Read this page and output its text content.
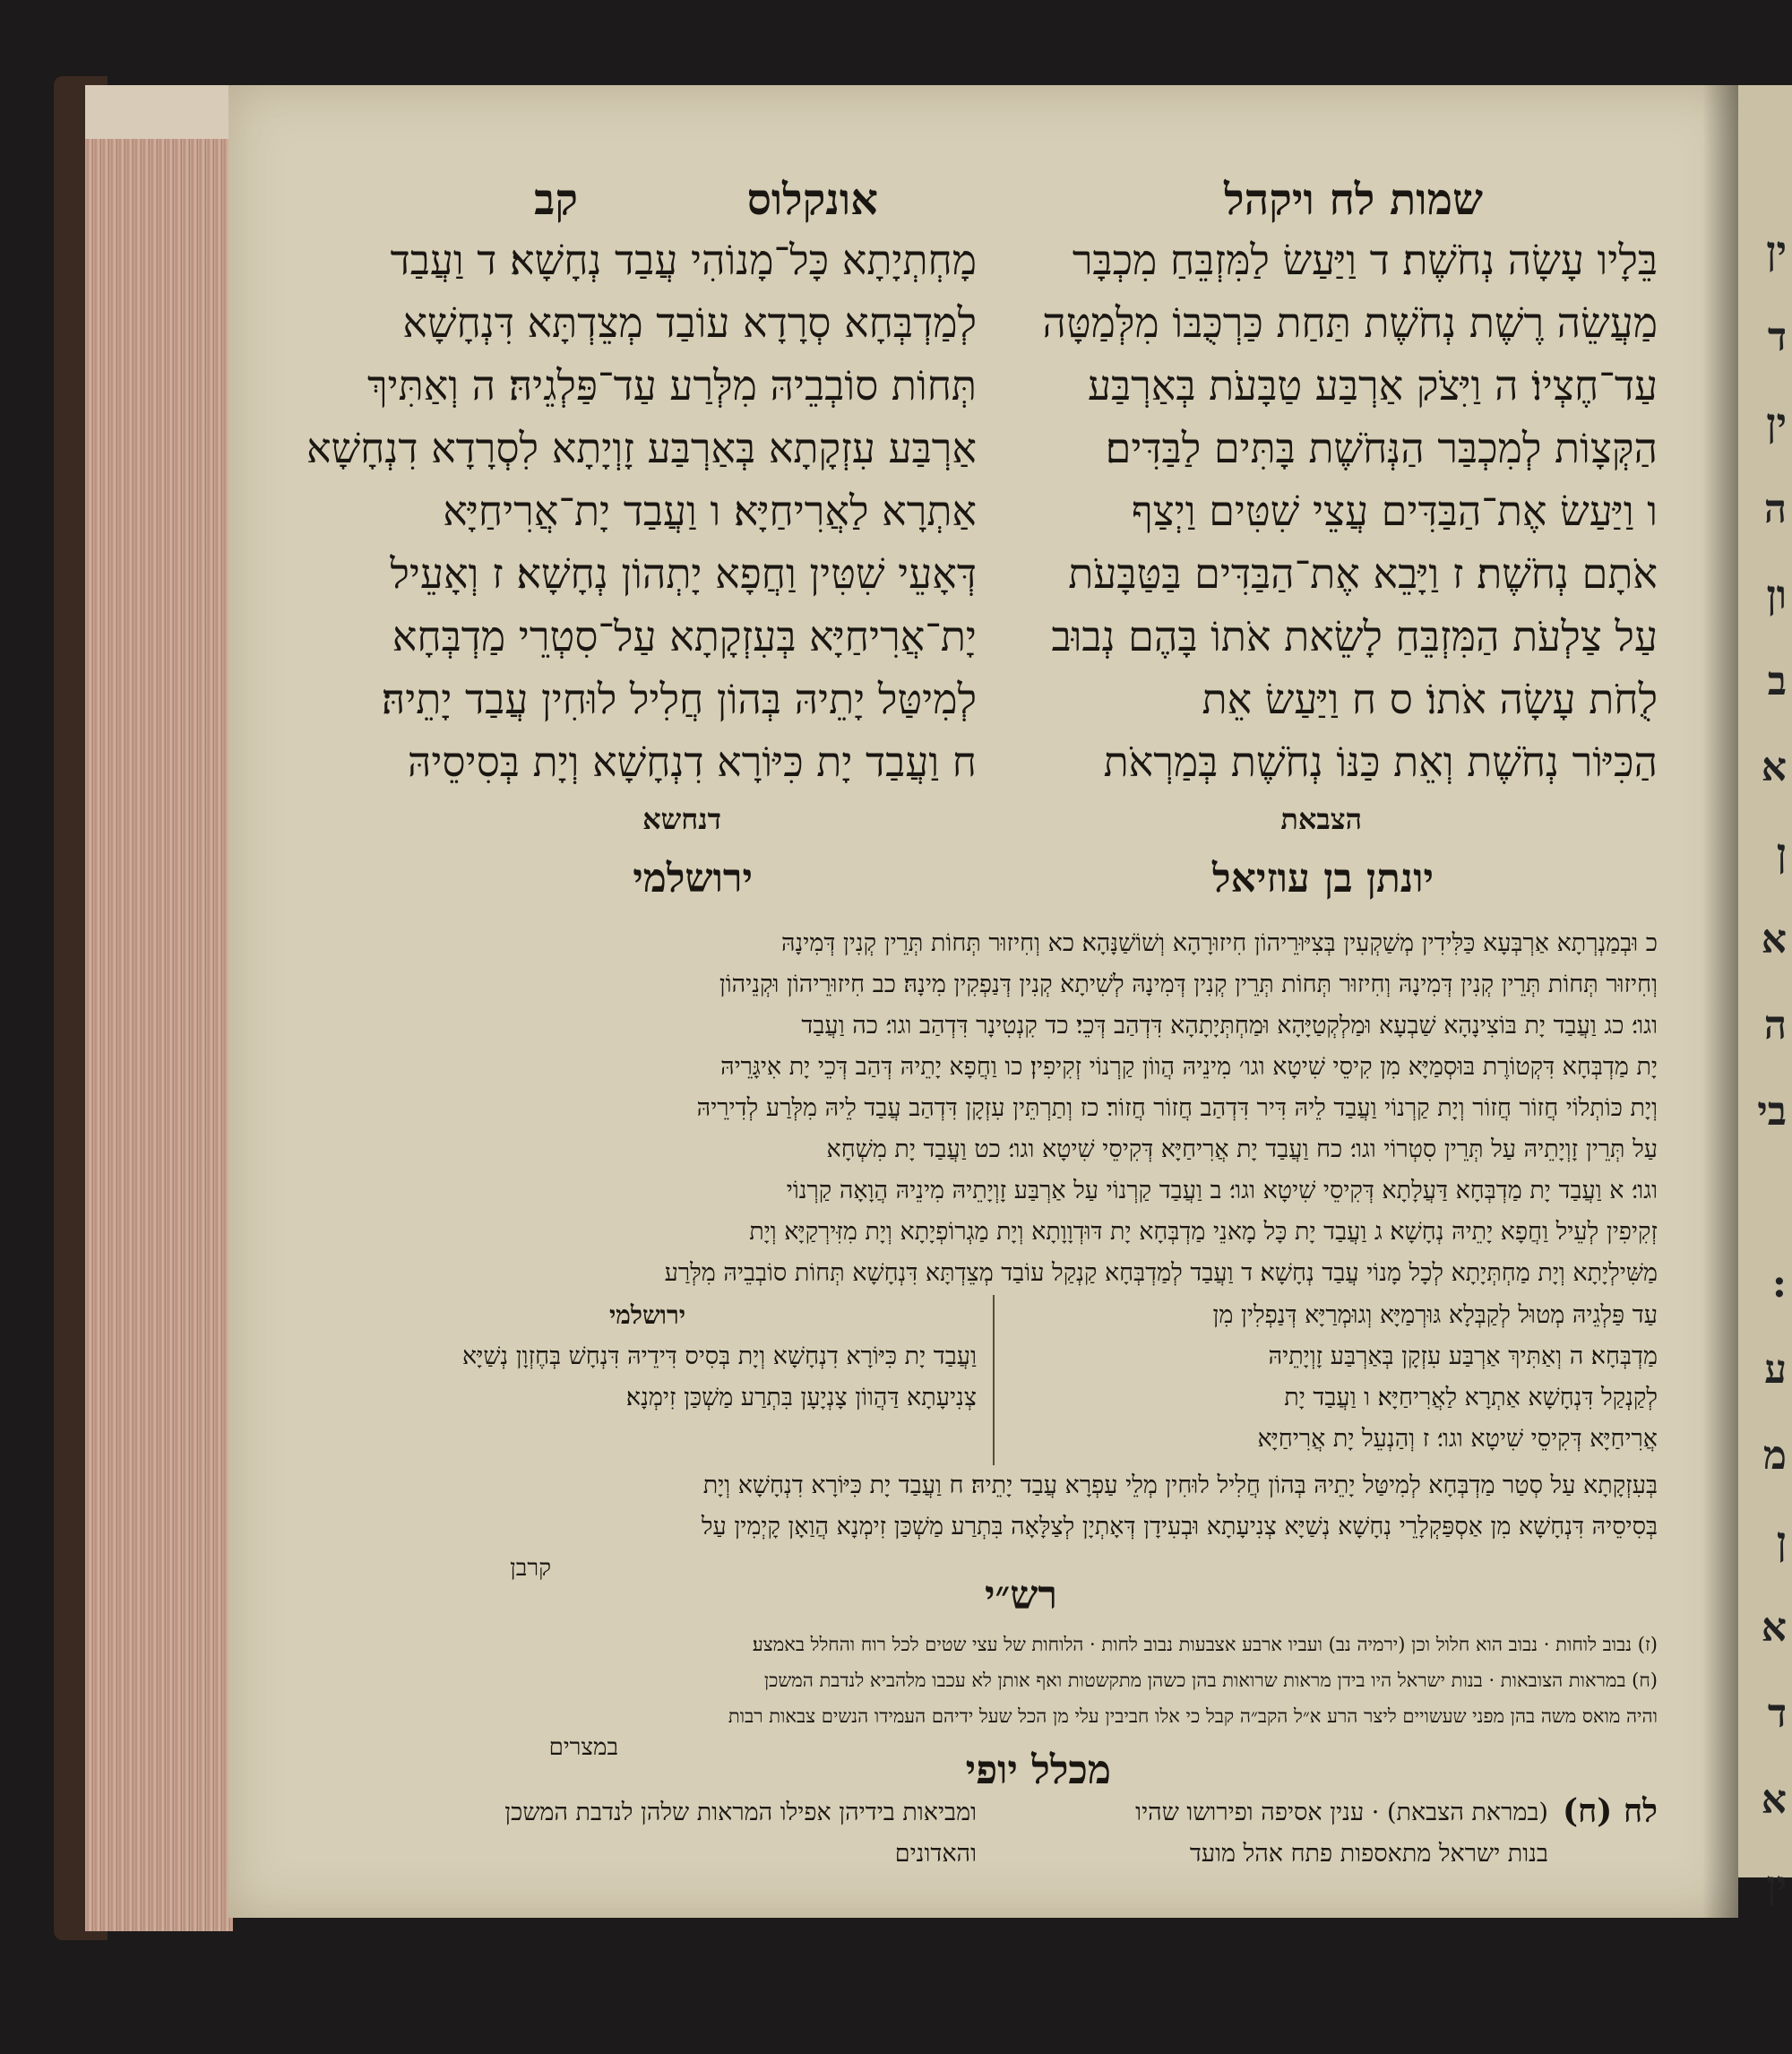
שמות לח ויקהל
אונקלוס
קב
בֵּלָיו עָשָׂה נְחֹשֶׁת׃ ד וַיַּעַשׂ לַמִּזְבֵּחַ מִכְבָּר
מַעֲשֵׂה רֶשֶׁת נְחֹשֶׁת תַּחַת כַּרְכֻּבּוֹ מִלְּמַטָּה
עַד־חֶצְיוֹ׃ ה וַיִּצֹק אַרְבַּע טַבָּעֹת בְּאַרְבַּע
הַקְּצָוֹת לְמִכְבַּר הַנְּחֹשֶׁת בָּתִּים לַבַּדִּים׃
ו וַיַּעַשׂ אֶת־הַבַּדִּים עֲצֵי שִׁטִּים וַיְצַף
אֹתָם נְחֹשֶׁת׃ ז וַיָּבֵא אֶת־הַבַּדִּים בַּטַּבָּעֹת
עַל צַלְעֹת הַמִּזְבֵּחַ לָשֵׂאת אֹתוֹ בָּהֶם נְבוּב
לֻחֹת עָשָׂה אֹתוֹ׃ ס ח וַיַּעַשׂ אֵת
הַכִּיּוֹר נְחֹשֶׁת וְאֵת כַּנּוֹ נְחֹשֶׁת בְּמַרְאֹת
הצבאת
מָחְתְיָתָא כָּל־מָנוֹהִי עֲבַד נְחָשָׁא׃ ד וַעֲבַד
לְמַדְבְּחָא סְרָדָא עוֹבַד מְצֵדְתָּא דִּנְחָשָׁא
תְּחוֹת סוֹבְבֵיהּ מִלְּרַע עַד־פַּלְגֵיהּ׃ ה וְאַתִּיךְ
אַרְבַּע עִזְקָתָא בְּאַרְבַּע זָוְיָתָא לִסְרָדָא דִנְחָשָׁא
אַתְרָא לַאֲרִיחַיָּא׃ ו וַעֲבַד יָת־אֲרִיחַיָּא
דְּאָעֵי שִׁטִּין וַחֲפָא יָתְהוֹן נְחָשָׁא׃ ז וְאָעֵיל
יָת־אֲרִיחַיָּא בְּעִזְקָתָא עַל־סִטְרֵי מַדְבְּחָא
לְמִיטַּל יָתֵיהּ בְּהוֹן חֲלִיל לוּחִין עֲבַד יָתֵיהּ׃
ח וַעֲבַד יָת כִּיּוֹרָא דִנְחָשָׁא וְיָת בְּסִיסֵיהּ
דנחשא
יונתן בן עוזיאל
ירושלמי
כ וּבְמַנְרְתָא אַרְבְּעָא כַּלִּידִין מְשַׁקְעִין בְּצִיּוּרֵיהוֹן חִיזוּרָהָא וְשׁוֹשַׁנָּהָא׃ כא וְחִיזוּר תְּחוֹת תְּרֵין קְנִין דְּמִינָהּ
וְחִיזוּר תְּחוֹת תְּרֵין קְנִין דְּמִינָהּ וְחִיזוּר תְּחוֹת תְּרֵין קְנִין דְּמִינָהּ לְשִׁיתָא קְנִין דְּנַפְקִין מִינָהּ׃ כב חִיזוּרֵיהוֹן וּקְנֵיהוֹן
וגו׳׃ כג וַעֲבַד יָת בּוֹצִינָהָא שַׁבְעָא וּמַלְקְטַיָּהָא וּמַחְתְּיָתָהָא דִּדְהַב דְּכֵי׃ כד קִנְטִינָר דִּדְהַב וגו׳׃ כה וַעֲבַד
יָת מַדְבְּחָא דִּקְטוֹרֶת בּוּסְמַיָּא מִן קִיסֵי שִׁיטָא וגו׳ מִינֵיהּ הֲווֹן קַרְנוֹי זְקִיפִין׃ כו וַחֲפָא יָתֵיהּ דְּהַב דְּכֵי יָת אִיגָּרֵיהּ
וְיָת כּוֹתְלוֹי חֲזוֹר חֲזוֹר וְיָת קַרְנוֹי וַעֲבַד לֵיהּ דִּיר דִּדְהַב חֲזוֹר חֲזוֹר׃ כז וְתַרְתֵּין עִזְקָן דִּדְהַב עֲבַד לֵיהּ מִלְּרַע לְדִירֵיהּ
עַל תְּרֵין זָוְיָתֵיהּ עַל תְּרֵין סִטְרוֹי וגו׳׃ כח וַעֲבַד יָת אֲרִיחַיָּא דְּקִיסֵי שִׁיטָא וגו׳׃ כט וַעֲבַד יָת מִשְׁחָא
וגו׳׃ א וַעֲבַד יָת מַדְבְּחָא דַּעֲלָתָא דְּקִיסֵי שִׁיטָא וגו׳׃ ב וַעֲבַד קַרְנוֹי עַל אַרְבַּע זָוְיָתֵיהּ מִינֵיהּ הֲוָאָה קַרְנוֹי
זְקִיפִין לְעֵיל וַחֲפָא יָתֵיהּ נְחָשָׁא׃ ג וַעֲבַד יָת כָּל מָאנֵי מַדְבְּחָא יָת דּוּדְוָוָתָא וְיָת מַגְרוֹפְיָתָא וְיָת מִזִּירְקַיָּא וְיָת
מַשִּׁילְיָתָא וְיָת מַחְתְּיָתָא לְכָל מָנוֹי עֲבַד נְחָשָׁא׃ ד וַעֲבַד לְמַדְבְּחָא קַנְקַל עוֹבַד מְצֵדְתָּא דִּנְחָשָׁא תְּחוֹת סוֹבְבֵיהּ מִלְּרַע
עַד פַּלְגֵיהּ מְטוּל לְקַבְּלָא גּוּרְמַיָּא וְגוּמְרַיָּא דְּנַפְלִין מִן
מַדְבְּחָא׃ ה וְאַתִּיךְ אַרְבַּע עִזְקָן בְּאַרְבַּע זָוְיָתֵיהּ
לְקַנְקַל דִּנְחָשָׁא אַתְרָא לַאֲרִיחַיָּא׃ ו וַעֲבַד יָת
אֲרִיחַיָּא דְּקִיסֵי שִׁיטָא וגו׳׃ ז וְהַנְעֵל יָת אֲרִיחַיָּא
ירושלמי
וַעֲבַד יָת כִּיּוֹרָא דִנְחָשָׁא וְיָת בְּסִיס דִּידֵיהּ דִּנְחָשׁ בְּחֶזְוָן נְשַׁיָּא
צְנִיעָתָא דַּהֲווֹן צָנְיָעָן בִּתְרַע מַשְׁכַּן זִימְנָא׃
בְּעִזְקָתָא עַל סְטַר מַדְבְּחָא לְמִיטַּל יָתֵיהּ בְּהוֹן חֲלִיל לוּחִין מְלֵי עַפְרָא עֲבַד יָתֵיהּ׃ ח וַעֲבַד יָת כִּיּוֹרָא דִנְחָשָׁא וְיָת
בְּסִיסֵיהּ דִּנְחָשָׁא מִן אַסְפַּקְלָרֵי נְחָשָׁא נְשַׁיָּא צְנִיעָתָא וּבְעִידָן דְּאָתְיָן לְצַלָּאָה בִּתְרַע מַשְׁכַּן זִימְנָא הֲוַאָן קָיְמִין עַל
קרבן
רש״י
(ז) נבוב לוחות · נבוב הוא חלול וכן (ירמיה נב) ועביו ארבע אצבעות נבוב לחות · הלוחות של עצי שטים לכל רוח והחלל באמצע׃
(ח) במראות הצובאות · בנות ישראל היו בידן מראות שרואות בהן כשהן מתקשטות ואף אותן לא עכבו מלהביא לנדבת המשכן
והיה מואס משה בהן מפני שעשויים ליצר הרע א״ל הקב״ה קבל כי אלו חביבין עלי מן הכל שעל ידיהם העמידו הנשים צבאות רבות
במצרים	מכלל יופי
לח (ח)
(במראת הצבאת) · ענין אסיפה ופירושו שהיו
בנות ישראל מתאספות פתח אהל מועד
ומביאות בידיהן אפילו המראות שלהן לנדבת המשכן
והאדונים
ין
ד
ין
ה
ון
ב
א
ן
א
ה
בי
:
ע
מ
ן
א
ד
א
ין
